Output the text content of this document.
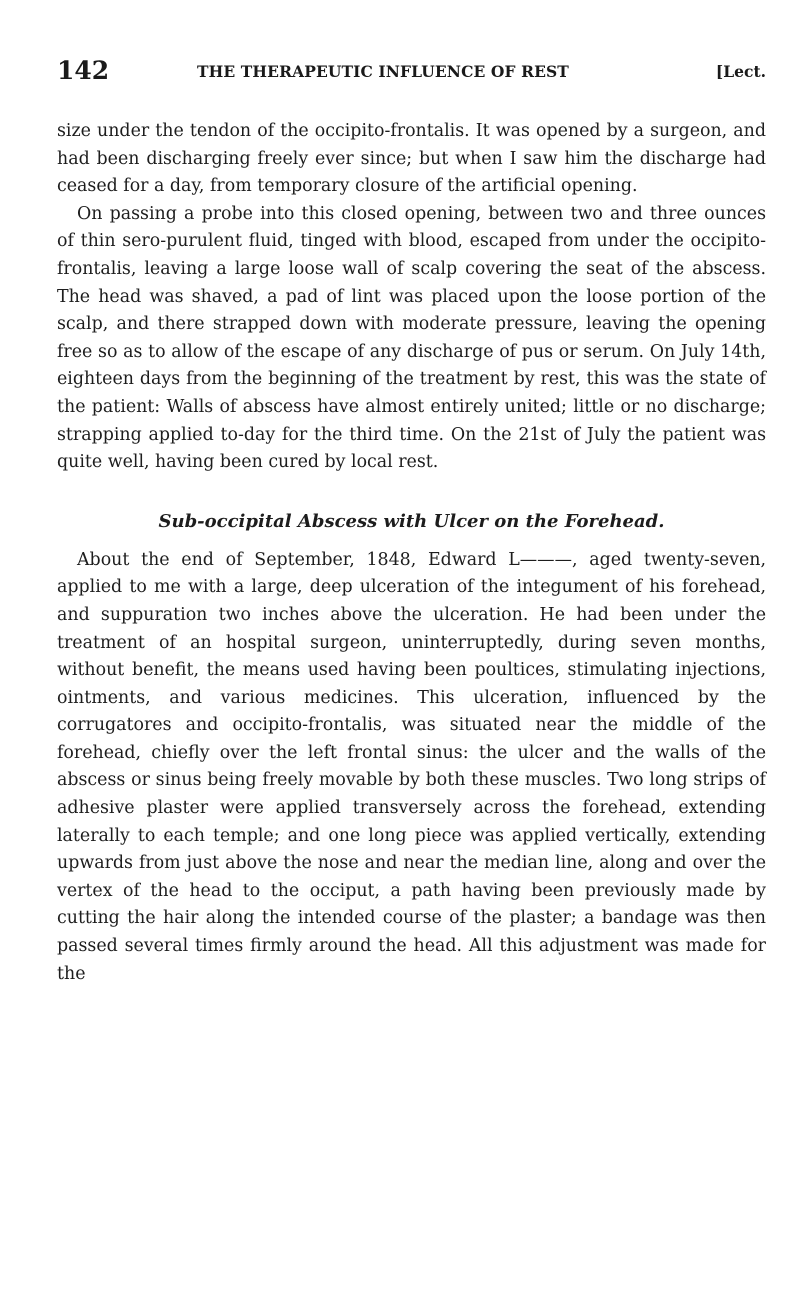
142	THE THERAPEUTIC INFLUENCE OF REST	[Lect.

size under the tendon of the occipito-frontalis. It was opened by a surgeon, and had been discharging freely ever since; but when I saw him the discharge had ceased for a day, from temporary closure of the artificial opening.

On passing a probe into this closed opening, between two and three ounces of thin sero-purulent fluid, tinged with blood, escaped from under the occipito-frontalis, leaving a large loose wall of scalp covering the seat of the abscess. The head was shaved, a pad of lint was placed upon the loose portion of the scalp, and there strapped down with moderate pressure, leaving the opening free so as to allow of the escape of any discharge of pus or serum. On July 14th, eighteen days from the beginning of the treatment by rest, this was the state of the patient: Walls of abscess have almost entirely united; little or no discharge; strapping applied to-day for the third time. On the 21st of July the patient was quite well, having been cured by local rest.

Sub-occipital Abscess with Ulcer on the Forehead.

About the end of September, 1848, Edward L———, aged twenty-seven, applied to me with a large, deep ulceration of the integument of his forehead, and suppuration two inches above the ulceration. He had been under the treatment of an hospital surgeon, uninterruptedly, during seven months, without benefit, the means used having been poultices, stimulating injections, ointments, and various medicines. This ulceration, influenced by the corrugatores and occipito-frontalis, was situated near the middle of the forehead, chiefly over the left frontal sinus: the ulcer and the walls of the abscess or sinus being freely movable by both these muscles. Two long strips of adhesive plaster were applied transversely across the forehead, extending laterally to each temple; and one long piece was applied vertically, extending upwards from just above the nose and near the median line, along and over the vertex of the head to the occiput, a path having been previously made by cutting the hair along the intended course of the plaster; a bandage was then passed several times firmly around the head. All this adjustment was made for the
